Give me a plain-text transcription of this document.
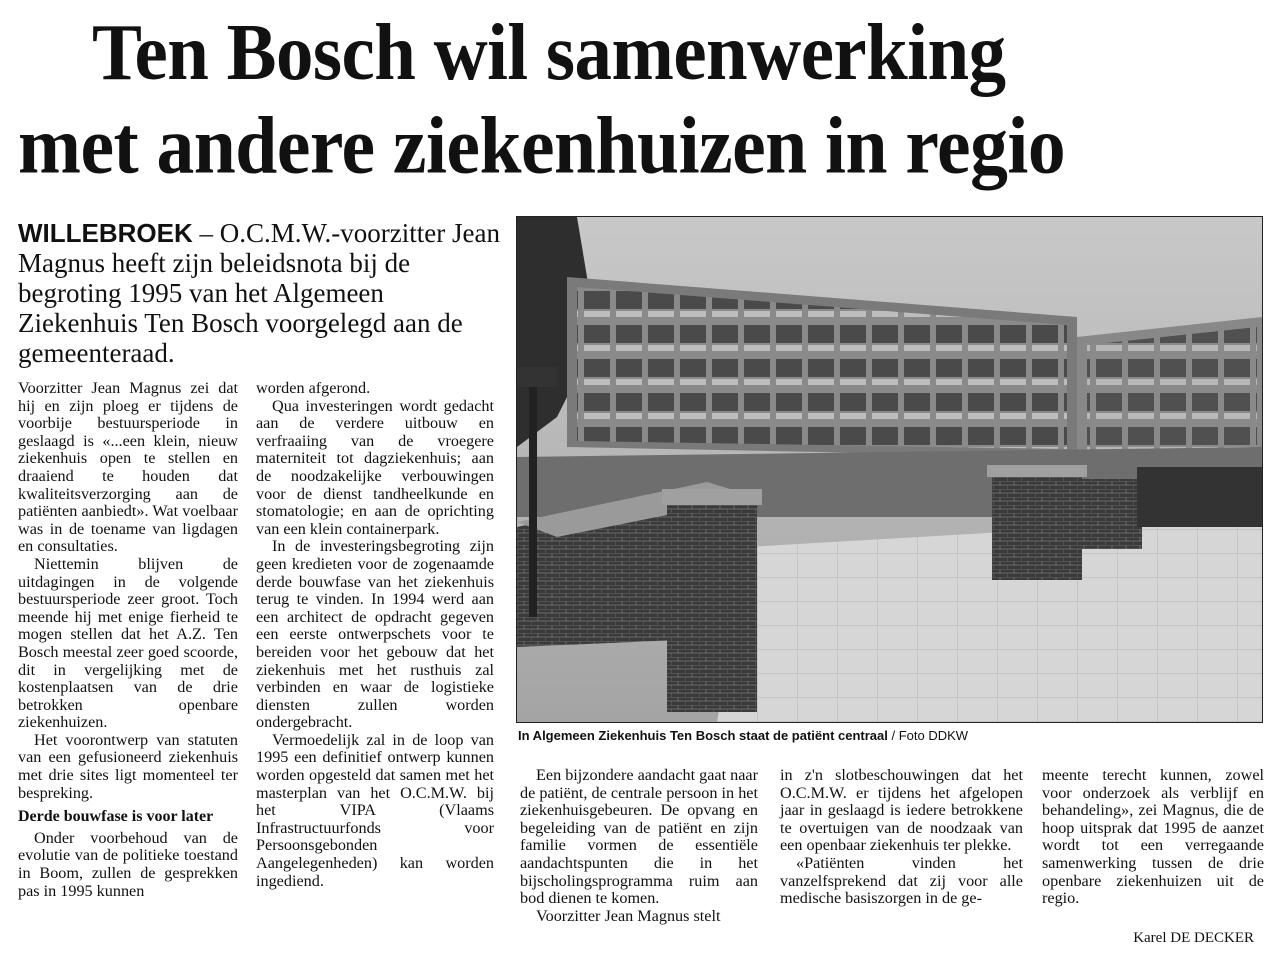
Ten Bosch wil samenwerking
met andere ziekenhuizen in regio
WILLEBROEK – O.C.M.W.-voorzitter Jean Magnus heeft zijn beleidsnota bij de begroting 1995 van het Algemeen Ziekenhuis Ten Bosch voorgelegd aan de gemeenteraad.

Voorzitter Jean Magnus zei dat hij en zijn ploeg er tijdens de voorbije bestuursperiode in geslaagd is «...een klein, nieuw ziekenhuis open te stellen en draaiend te houden dat kwaliteitsverzorging aan de patiënten aanbiedt». Wat voelbaar was in de toename van ligdagen en consultaties.

Niettemin blijven de uitdagingen in de volgende bestuursperiode zeer groot. Toch meende hij met enige fierheid te mogen stellen dat het A.Z. Ten Bosch meestal zeer goed scoorde, dit in vergelijking met de kostenplaatsen van de drie betrokken openbare ziekenhuizen.

Het voorontwerp van statuten van een gefusioneerd ziekenhuis met drie sites ligt momenteel ter bespreking.

Derde bouwfase is voor later

Onder voorbehoud van de evolutie van de politieke toestand in Boom, zullen de gesprekken pas in 1995 kunnen

worden afgerond.

Qua investeringen wordt gedacht aan de verdere uitbouw en verfraaiing van de vroegere materniteit tot dagziekenhuis; aan de noodzakelijke verbouwingen voor de dienst tandheelkunde en stomatologie; en aan de oprichting van een klein containerpark.

In de investeringsbegroting zijn geen kredieten voor de zogenaamde derde bouwfase van het ziekenhuis terug te vinden. In 1994 werd aan een architect de opdracht gegeven een eerste ontwerpschets voor te bereiden voor het gebouw dat het ziekenhuis met het rusthuis zal verbinden en waar de logistieke diensten zullen worden ondergebracht.

Vermoedelijk zal in de loop van 1995 een definitief ontwerp kunnen worden opgesteld dat samen met het masterplan van het O.C.M.W. bij het VIPA (Vlaams Infrastructuurfonds voor Persoonsgebonden Aangelegenheden) kan worden ingediend.

In Algemeen Ziekenhuis Ten Bosch staat de patiënt centraal / Foto DDKW

Een bijzondere aandacht gaat naar de patiënt, de centrale persoon in het ziekenhuisgebeuren. De opvang en begeleiding van de patiënt en zijn familie vormen de essentiële aandachtspunten die in het bijscholingsprogramma ruim aan bod dienen te komen.

Voorzitter Jean Magnus stelt

in z'n slotbeschouwingen dat het O.C.M.W. er tijdens het afgelopen jaar in geslaagd is iedere betrokkene te overtuigen van de noodzaak van een openbaar ziekenhuis ter plekke.

«Patiënten vinden het vanzelfsprekend dat zij voor alle medische basiszorgen in de ge-

meente terecht kunnen, zowel voor onderzoek als verblijf en behandeling», zei Magnus, die de hoop uitsprak dat 1995 de aanzet wordt tot een verregaande samenwerking tussen de drie openbare ziekenhuizen uit de regio.

Karel DE DECKER
